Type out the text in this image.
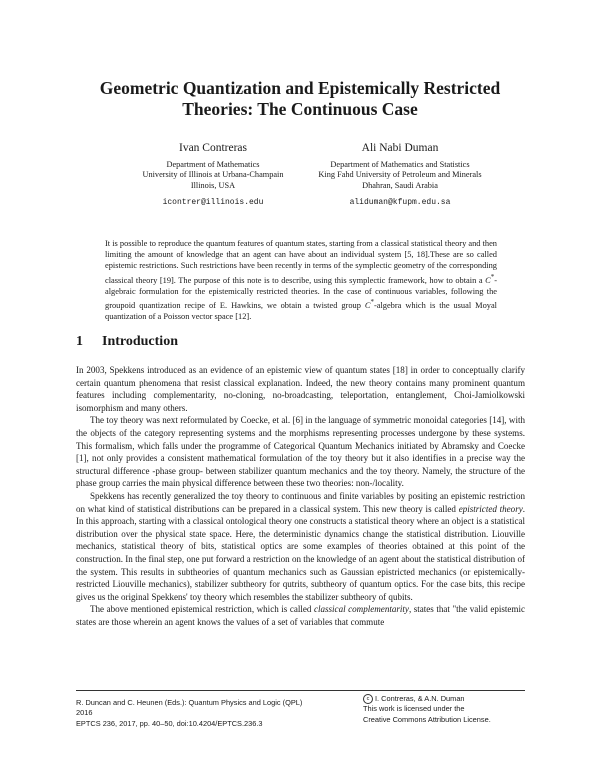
Geometric Quantization and Epistemically Restricted
Theories: The Continuous Case
Ivan Contreras
Department of Mathematics
University of Illinois at Urbana-Champain
Illinois, USA
icontrer@illinois.edu
Ali Nabi Duman
Department of Mathematics and Statistics
King Fahd University of Petroleum and Minerals
Dhahran, Saudi Arabia
aliduman@kfupm.edu.sa

It is possible to reproduce the quantum features of quantum states, starting from a classical statistical theory and then limiting the amount of knowledge that an agent can have about an individual system [5, 18].These are so called epistemic restrictions. Such restrictions have been recently in terms of the symplectic geometry of the corresponding classical theory [19]. The purpose of this note is to describe, using this symplectic framework, how to obtain a C*-algebraic formulation for the epistemically restricted theories. In the case of continuous variables, following the groupoid quantization recipe of E. Hawkins, we obtain a twisted group C*-algebra which is the usual Moyal quantization of a Poisson vector space [12].

1 Introduction

In 2003, Spekkens introduced as an evidence of an epistemic view of quantum states [18] in order to conceptually clarify certain quantum phenomena that resist classical explanation. Indeed, the new theory contains many prominent quantum features including complementarity, no-cloning, no-broadcasting, teleportation, entanglement, Choi-Jamiolkowski isomorphism and many others.

The toy theory was next reformulated by Coecke, et al. [6] in the language of symmetric monoidal categories [14], with the objects of the category representing systems and the morphisms representing processes undergone by these systems. This formalism, which falls under the programme of Categorical Quantum Mechanics initiated by Abramsky and Coecke [1], not only provides a consistent mathematical formulation of the toy theory but it also identifies in a precise way the structural difference -phase group- between stabilizer quantum mechanics and the toy theory. Namely, the structure of the phase group carries the main physical difference between these two theories: non-/locality.

Spekkens has recently generalized the toy theory to continuous and finite variables by positing an epistemic restriction on what kind of statistical distributions can be prepared in a classical system. This new theory is called epistricted theory. In this approach, starting with a classical ontological theory one constructs a statistical theory where an object is a statistical distribution over the physical state space. Here, the deterministic dynamics change the statistical distribution. Liouville mechanics, statistical theory of bits, statistical optics are some examples of theories obtained at this point of the construction. In the final step, one put forward a restriction on the knowledge of an agent about the statistical distribution of the system. This results in subtheories of quantum mechanics such as Gaussian epistricted mechanics (or epistemically-restricted Liouville mechanics), stabilizer subtheory for qutrits, subtheory of quantum optics. For the case bits, this recipe gives us the original Spekkens' toy theory which resembles the stabilizer subtheory of qubits.

The above mentioned epistemical restriction, which is called classical complementarity, states that "the valid epistemic states are those wherein an agent knows the values of a set of variables that commute

R. Duncan and C. Heunen (Eds.): Quantum Physics and Logic (QPL) 2016
EPTCS 236, 2017, pp. 40–50, doi:10.4204/EPTCS.236.3
c I. Contreras, & A.N. Duman
This work is licensed under the
Creative Commons Attribution License.
